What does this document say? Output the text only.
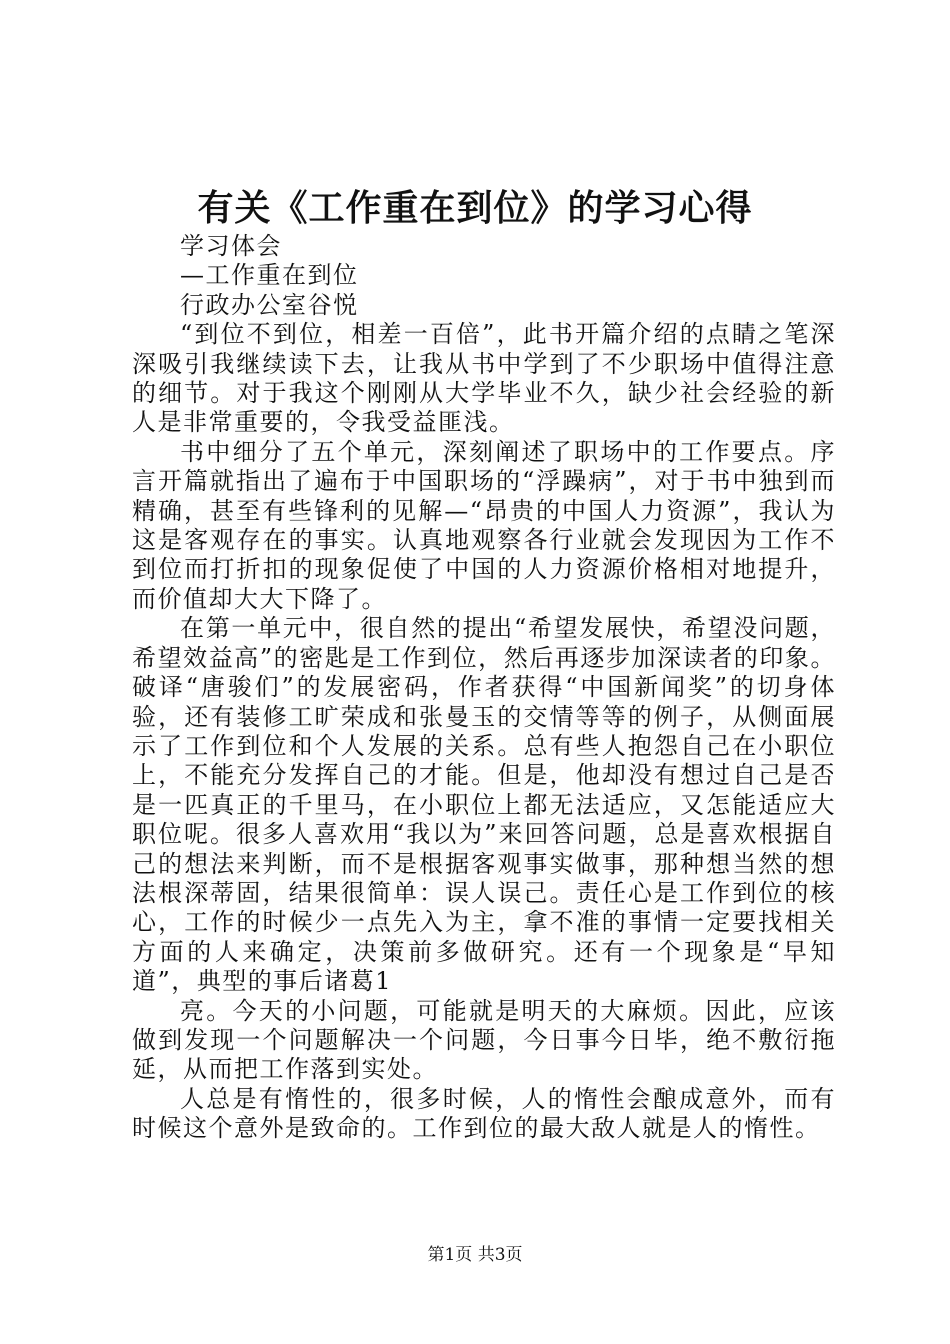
有关《工作重在到位》的学习心得

学习体会

—工作重在到位

行政办公室谷悦

“到位不到位，相差一百倍”，此书开篇介绍的点睛之笔深深吸引我继续读下去，让我从书中学到了不少职场中值得注意的细节。对于我这个刚刚从大学毕业不久，缺少社会经验的新人是非常重要的，令我受益匪浅。

书中细分了五个单元，深刻阐述了职场中的工作要点。序言开篇就指出了遍布于中国职场的“浮躁病”，对于书中独到而精确，甚至有些锋利的见解—“昂贵的中国人力资源”，我认为这是客观存在的事实。认真地观察各行业就会发现因为工作不到位而打折扣的现象促使了中国的人力资源价格相对地提升，而价值却大大下降了。

在第一单元中，很自然的提出“希望发展快，希望没问题，希望效益高”的密匙是工作到位，然后再逐步加深读者的印象。破译“唐骏们”的发展密码，作者获得“中国新闻奖”的切身体验，还有装修工旷荣成和张曼玉的交情等等的例子，从侧面展示了工作到位和个人发展的关系。总有些人抱怨自己在小职位上，不能充分发挥自己的才能。但是，他却没有想过自己是否是一匹真正的千里马，在小职位上都无法适应，又怎能适应大职位呢。很多人喜欢用“我以为”来回答问题，总是喜欢根据自己的想法来判断，而不是根据客观事实做事，那种想当然的想法根深蒂固，结果很简单：误人误己。责任心是工作到位的核心，工作的时候少一点先入为主，拿不准的事情一定要找相关方面的人来确定，决策前多做研究。还有一个现象是“早知道”，典型的事后诸葛1

亮。今天的小问题，可能就是明天的大麻烦。因此，应该做到发现一个问题解决一个问题，今日事今日毕，绝不敷衍拖延，从而把工作落到实处。

人总是有惰性的，很多时候，人的惰性会酿成意外，而有时候这个意外是致命的。工作到位的最大敌人就是人的惰性。

第1页 共3页
